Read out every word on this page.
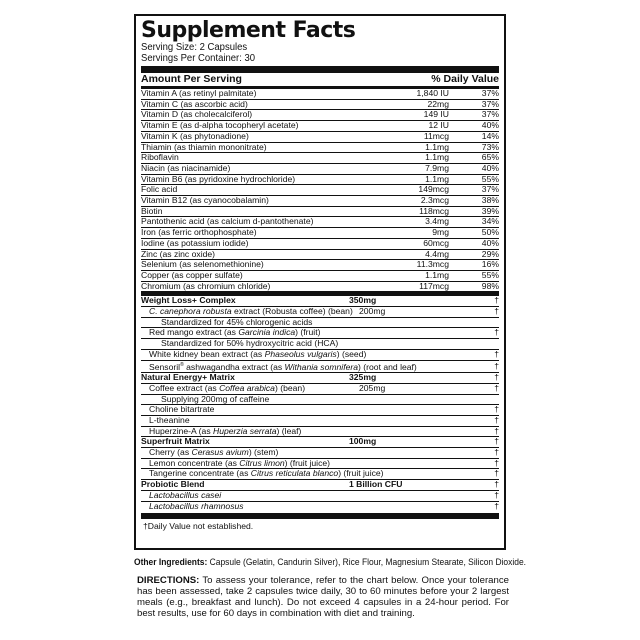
Supplement Facts
Serving Size: 2 Capsules
Servings Per Container: 30
Amount Per Serving	% Daily Value
Vitamin A (as retinyl palmitate)	1,840 IU	37%
Vitamin C (as ascorbic acid)	22mg	37%
Vitamin D (as cholecalciferol)	149 IU	37%
Vitamin E (as d-alpha tocopheryl acetate)	12 IU	40%
Vitamin K (as phytonadione)	11mcg	14%
Thiamin (as thiamin mononitrate)	1.1mg	73%
Riboflavin	1.1mg	65%
Niacin (as niacinamide)	7.9mg	40%
Vitamin B6 (as pyridoxine hydrochloride)	1.1mg	55%
Folic acid	149mcg	37%
Vitamin B12 (as cyanocobalamin)	2.3mcg	38%
Biotin	118mcg	39%
Pantothenic acid (as calcium d-pantothenate)	3.4mg	34%
Iron (as ferric orthophosphate)	9mg	50%
Iodine (as potassium iodide)	60mcg	40%
Zinc (as zinc oxide)	4.4mg	29%
Selenium (as selenomethionine)	11.3mcg	16%
Copper (as copper sulfate)	1.1mg	55%
Chromium (as chromium chloride)	117mcg	98%
Weight Loss+ Complex	350mg	†
C. canephora robusta extract (Robusta coffee) (bean) 200mg	†
Standardized for 45% chlorogenic acids
Red mango extract (as Garcinia indica) (fruit)	†
Standardized for 50% hydroxycitric acid (HCA)
White kidney bean extract (as Phaseolus vulgaris) (seed)	†
Sensoril® ashwagandha extract (as Withania somnifera) (root and leaf)	†
Natural Energy+ Matrix	325mg	†
Coffee extract (as Coffea arabica) (bean)	205mg	†
Supplying 200mg of caffeine
Choline bitartrate	†
L-theanine	†
Huperzine-A (as Huperzia serrata) (leaf)	†
Superfruit Matrix	100mg	†
Cherry (as Cerasus avium) (stem)	†
Lemon concentrate (as Citrus limon) (fruit juice)	†
Tangerine concentrate (as Citrus reticulata blanco) (fruit juice)	†
Probiotic Blend	1 Billion CFU	†
Lactobacillus casei	†
Lactobacillus rhamnosus	†
†Daily Value not established.
Other Ingredients: Capsule (Gelatin, Candurin Silver), Rice Flour, Magnesium Stearate, Silicon Dioxide.
DIRECTIONS: To assess your tolerance, refer to the chart below. Once your tolerance has been assessed, take 2 capsules twice daily, 30 to 60 minutes before your 2 largest meals (e.g., breakfast and lunch). Do not exceed 4 capsules in a 24-hour period. For best results, use for 60 days in combination with diet and training.
